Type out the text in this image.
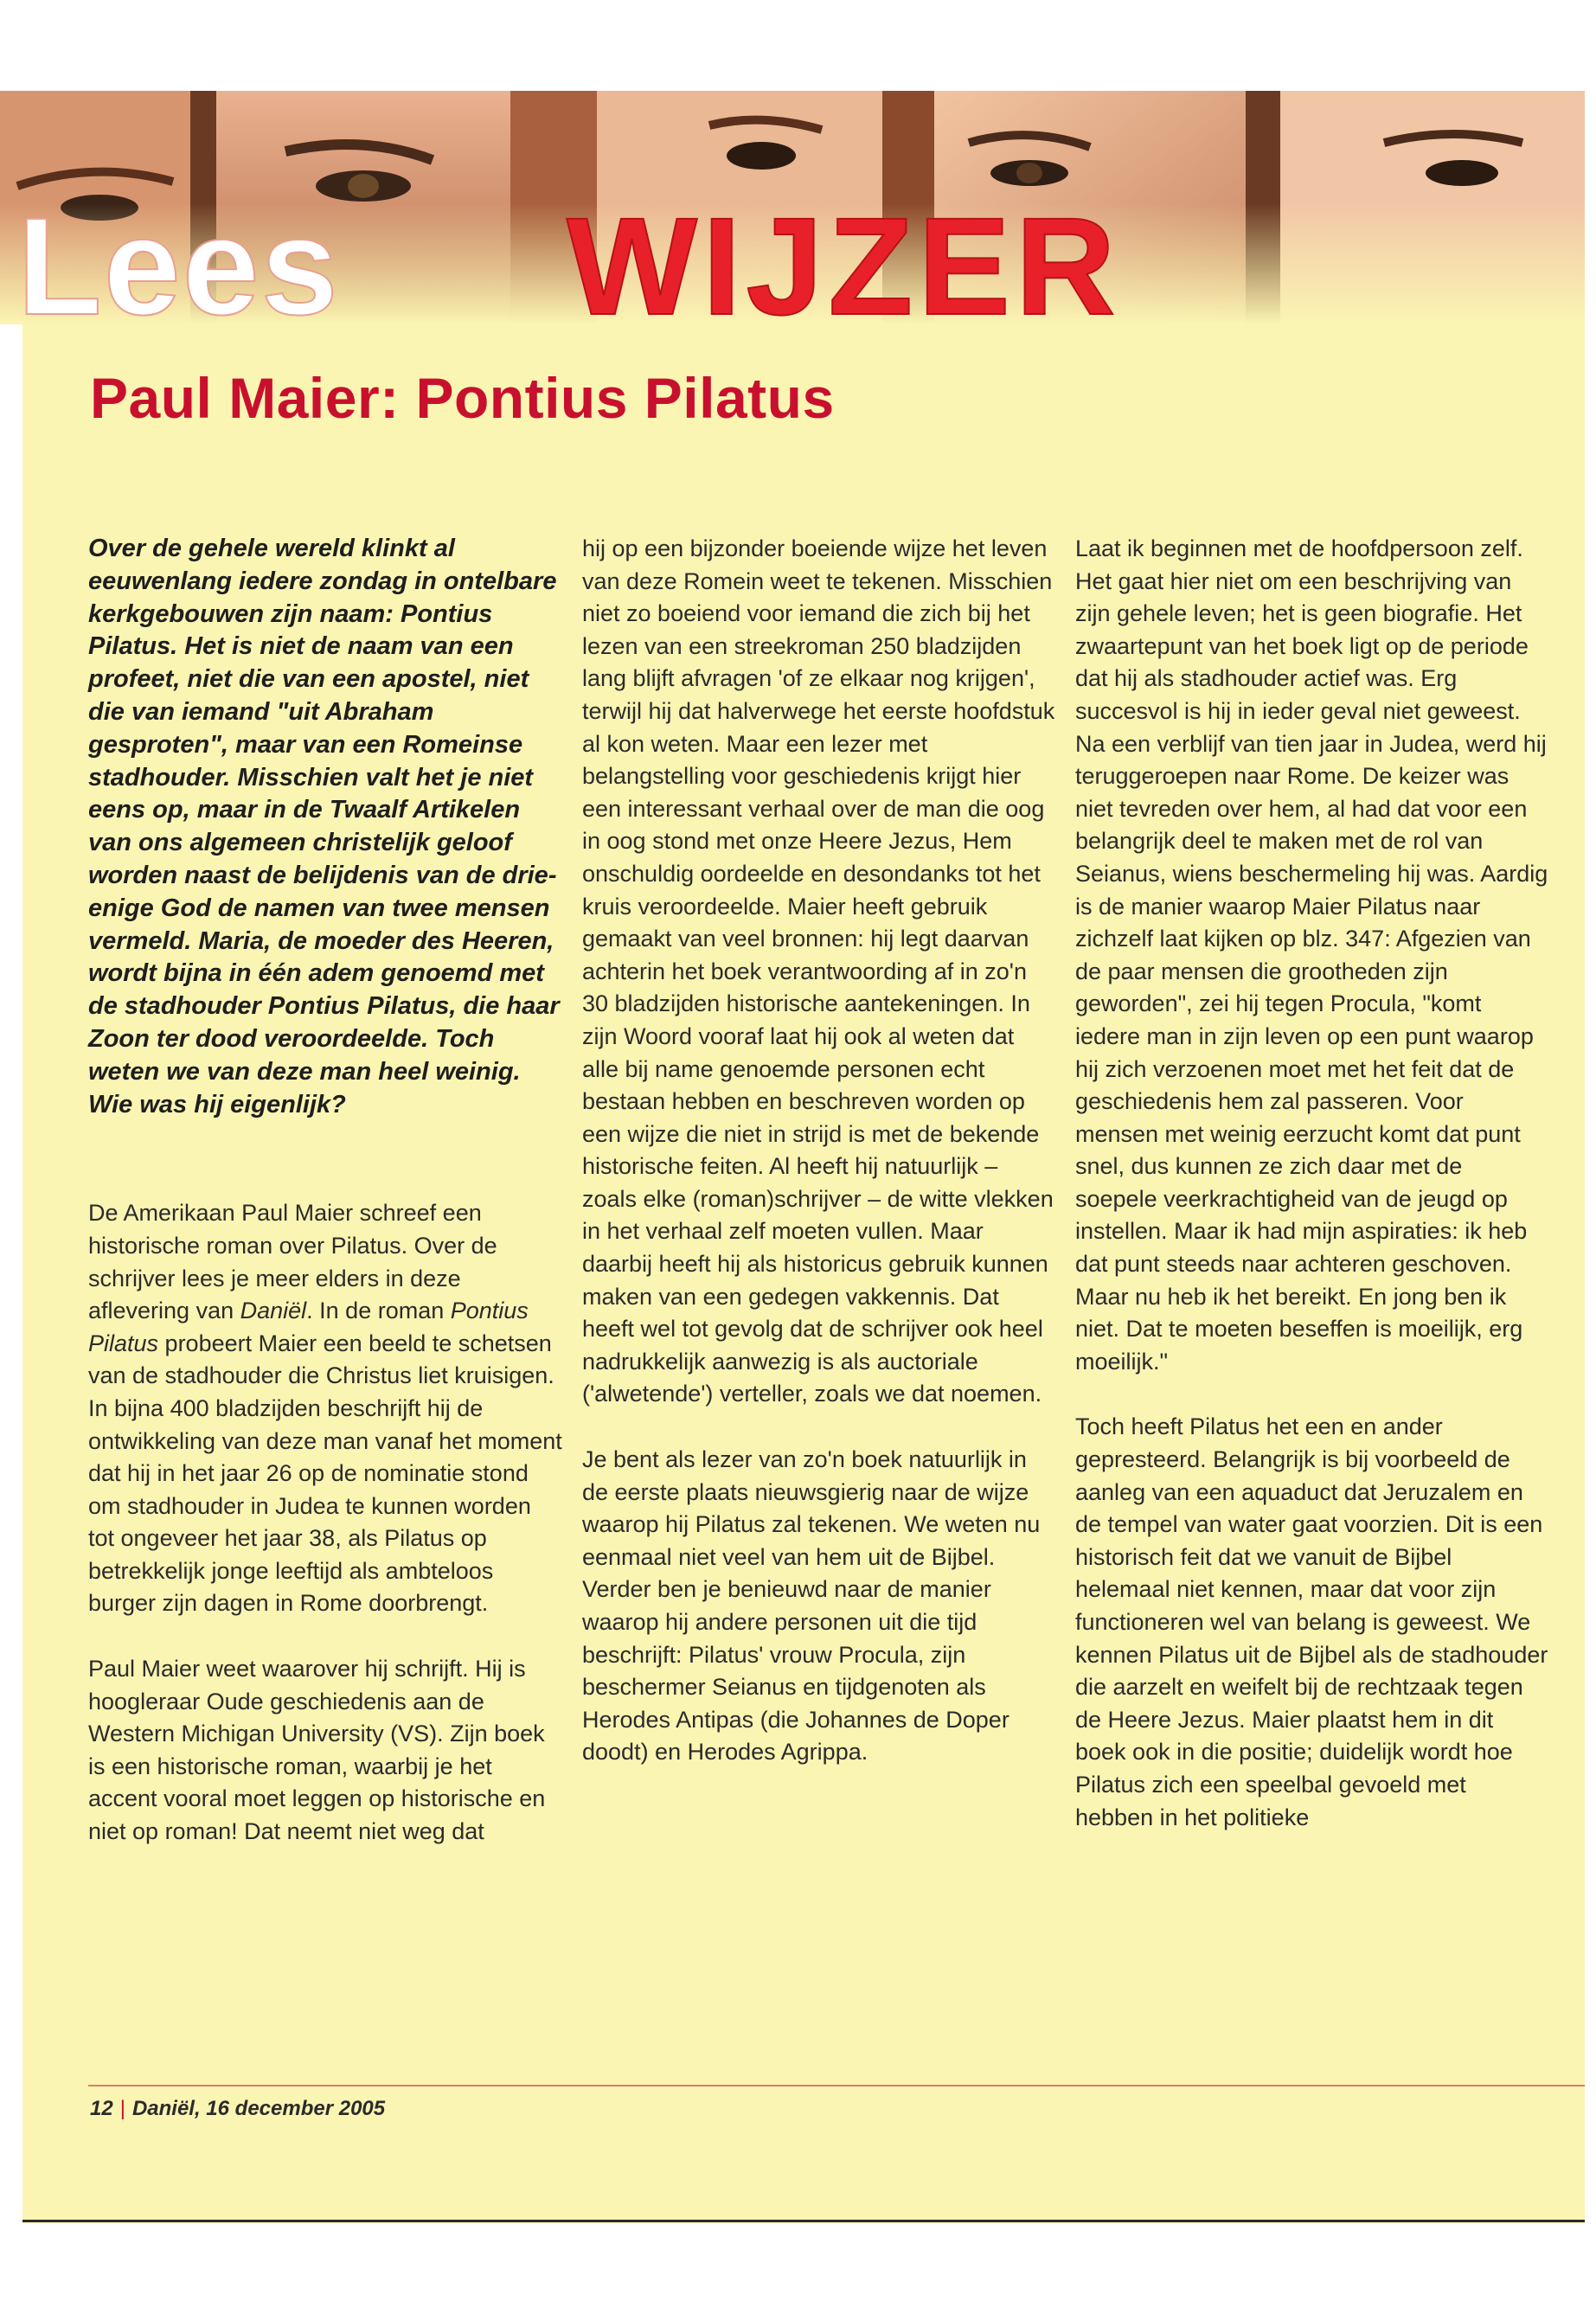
Lees WIJZER
Paul Maier: Pontius Pilatus

Over de gehele wereld klinkt al eeuwenlang iedere zondag in ontelbare kerkgebouwen zijn naam: Pontius Pilatus. Het is niet de naam van een profeet, niet die van een apostel, niet die van iemand "uit Abraham gesproten", maar van een Romeinse stadhouder. Misschien valt het je niet eens op, maar in de Twaalf Artikelen van ons algemeen christelijk geloof worden naast de belijdenis van de drie-enige God de namen van twee mensen vermeld. Maria, de moeder des Heeren, wordt bijna in één adem genoemd met de stadhouder Pontius Pilatus, die haar Zoon ter dood veroordeelde. Toch weten we van deze man heel weinig. Wie was hij eigenlijk?

De Amerikaan Paul Maier schreef een historische roman over Pilatus. Over de schrijver lees je meer elders in deze aflevering van Daniël. In de roman Pontius Pilatus probeert Maier een beeld te schetsen van de stadhouder die Christus liet kruisigen. In bijna 400 bladzijden beschrijft hij de ontwikkeling van deze man vanaf het moment dat hij in het jaar 26 op de nominatie stond om stadhouder in Judea te kunnen worden tot ongeveer het jaar 38, als Pilatus op betrekkelijk jonge leeftijd als ambteloos burger zijn dagen in Rome doorbrengt.

Paul Maier weet waarover hij schrijft. Hij is hoogleraar Oude geschiedenis aan de Western Michigan University (VS). Zijn boek is een historische roman, waarbij je het accent vooral moet leggen op historische en niet op roman! Dat neemt niet weg dat

hij op een bijzonder boeiende wijze het leven van deze Romein weet te tekenen. Misschien niet zo boeiend voor iemand die zich bij het lezen van een streekroman 250 bladzijden lang blijft afvragen 'of ze elkaar nog krijgen', terwijl hij dat halverwege het eerste hoofdstuk al kon weten. Maar een lezer met belangstelling voor geschiedenis krijgt hier een interessant verhaal over de man die oog in oog stond met onze Heere Jezus, Hem onschuldig oordeelde en desondanks tot het kruis veroordeelde. Maier heeft gebruik gemaakt van veel bronnen: hij legt daarvan achterin het boek verantwoording af in zo'n 30 bladzijden historische aantekeningen. In zijn Woord vooraf laat hij ook al weten dat alle bij name genoemde personen echt bestaan hebben en beschreven worden op een wijze die niet in strijd is met de bekende historische feiten. Al heeft hij natuurlijk – zoals elke (roman)schrijver – de witte vlekken in het verhaal zelf moeten vullen. Maar daarbij heeft hij als historicus gebruik kunnen maken van een gedegen vakkennis. Dat heeft wel tot gevolg dat de schrijver ook heel nadrukkelijk aanwezig is als auctoriale ('alwetende') verteller, zoals we dat noemen.

Je bent als lezer van zo'n boek natuurlijk in de eerste plaats nieuwsgierig naar de wijze waarop hij Pilatus zal tekenen. We weten nu eenmaal niet veel van hem uit de Bijbel. Verder ben je benieuwd naar de manier waarop hij andere personen uit die tijd beschrijft: Pilatus' vrouw Procula, zijn beschermer Seianus en tijdgenoten als Herodes Antipas (die Johannes de Doper doodt) en Herodes Agrippa.

Laat ik beginnen met de hoofdpersoon zelf. Het gaat hier niet om een beschrijving van zijn gehele leven; het is geen biografie. Het zwaartepunt van het boek ligt op de periode dat hij als stadhouder actief was. Erg succesvol is hij in ieder geval niet geweest. Na een verblijf van tien jaar in Judea, werd hij teruggeroepen naar Rome. De keizer was niet tevreden over hem, al had dat voor een belangrijk deel te maken met de rol van Seianus, wiens beschermeling hij was. Aardig is de manier waarop Maier Pilatus naar zichzelf laat kijken op blz. 347: Afgezien van de paar mensen die grootheden zijn geworden", zei hij tegen Procula, "komt iedere man in zijn leven op een punt waarop hij zich verzoenen moet met het feit dat de geschiedenis hem zal passeren. Voor mensen met weinig eerzucht komt dat punt snel, dus kunnen ze zich daar met de soepele veerkrachtigheid van de jeugd op instellen. Maar ik had mijn aspiraties: ik heb dat punt steeds naar achteren geschoven. Maar nu heb ik het bereikt. En jong ben ik niet. Dat te moeten beseffen is moeilijk, erg moeilijk."

Toch heeft Pilatus het een en ander gepresteerd. Belangrijk is bij voorbeeld de aanleg van een aquaduct dat Jeruzalem en de tempel van water gaat voorzien. Dit is een historisch feit dat we vanuit de Bijbel helemaal niet kennen, maar dat voor zijn functioneren wel van belang is geweest. We kennen Pilatus uit de Bijbel als de stadhouder die aarzelt en weifelt bij de rechtzaak tegen de Heere Jezus. Maier plaatst hem in dit boek ook in die positie; duidelijk wordt hoe Pilatus zich een speelbal gevoeld met hebben in het politieke

12 | Daniël, 16 december 2005
